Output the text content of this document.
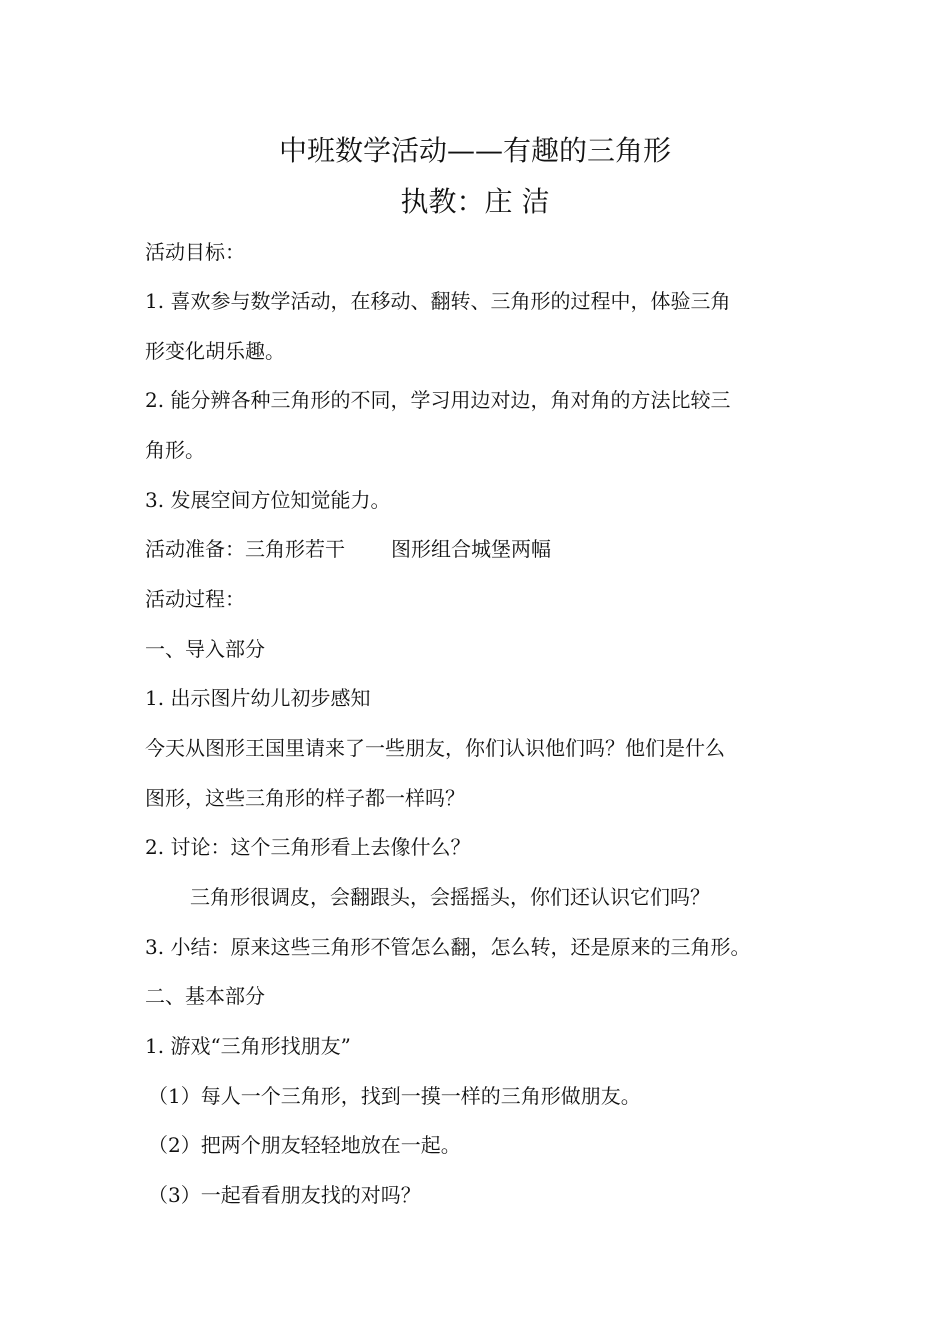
中班数学活动——有趣的三角形
执教：庄 洁
活动目标：
1. 喜欢参与数学活动，在移动、翻转、三角形的过程中，体验三角
形变化胡乐趣。
2. 能分辨各种三角形的不同，学习用边对边，角对角的方法比较三
角形。
3. 发展空间方位知觉能力。
活动准备：三角形若干 图形组合城堡两幅
活动过程：
一、导入部分
1. 出示图片幼儿初步感知
今天从图形王国里请来了一些朋友，你们认识他们吗？他们是什么
图形，这些三角形的样子都一样吗？
2. 讨论：这个三角形看上去像什么？
三角形很调皮，会翻跟头，会摇摇头，你们还认识它们吗？
3. 小结：原来这些三角形不管怎么翻，怎么转，还是原来的三角形。
二、基本部分
1. 游戏“三角形找朋友”
（1）每人一个三角形，找到一摸一样的三角形做朋友。
（2）把两个朋友轻轻地放在一起。
（3）一起看看朋友找的对吗？
